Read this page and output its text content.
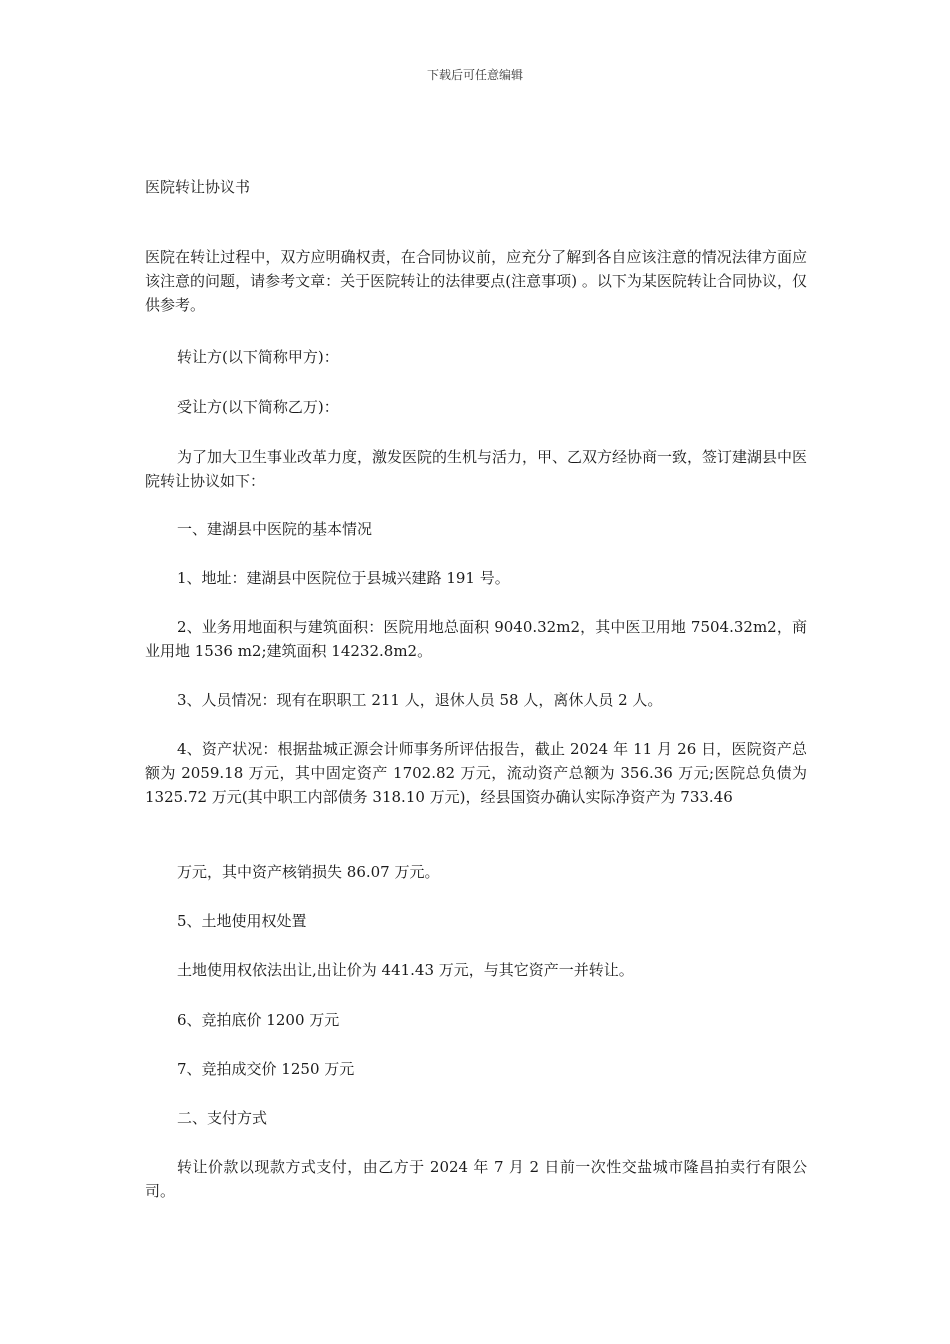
下载后可任意编辑
医院转让协议书

医院在转让过程中，双方应明确权责，在合同协议前，应充分了解到各自应该注意的情况法律方面应该注意的问题，请参考文章：关于医院转让的法律要点(注意事项) 。以下为某医院转让合同协议，仅供参考。

转让方(以下简称甲方)：

受让方(以下简称乙万)：

为了加大卫生事业改革力度，激发医院的生机与活力，甲、乙双方经协商一致，签订建湖县中医院转让协议如下：

一、建湖县中医院的基本情况

1、地址：建湖县中医院位于县城兴建路 191 号。

2、业务用地面积与建筑面积：医院用地总面积 9040.32m2，其中医卫用地 7504.32m2，商业用地 1536 m2;建筑面积 14232.8m2。

3、人员情况：现有在职职工 211 人，退休人员 58 人，离休人员 2 人。

4、资产状况：根据盐城正源会计师事务所评估报告，截止 2024 年 11 月 26 日，医院资产总额为 2059.18 万元，其中固定资产 1702.82 万元，流动资产总额为 356.36 万元;医院总负债为 1325.72 万元(其中职工内部债务 318.10 万元)，经县国资办确认实际净资产为 733.46

万元，其中资产核销损失 86.07 万元。

5、土地使用权处置

土地使用权依法出让,出让价为 441.43 万元，与其它资产一并转让。

6、竞拍底价 1200 万元

7、竞拍成交价 1250 万元

二、支付方式

转让价款以现款方式支付，由乙方于 2024 年 7 月 2 日前一次性交盐城市隆昌拍卖行有限公司。
